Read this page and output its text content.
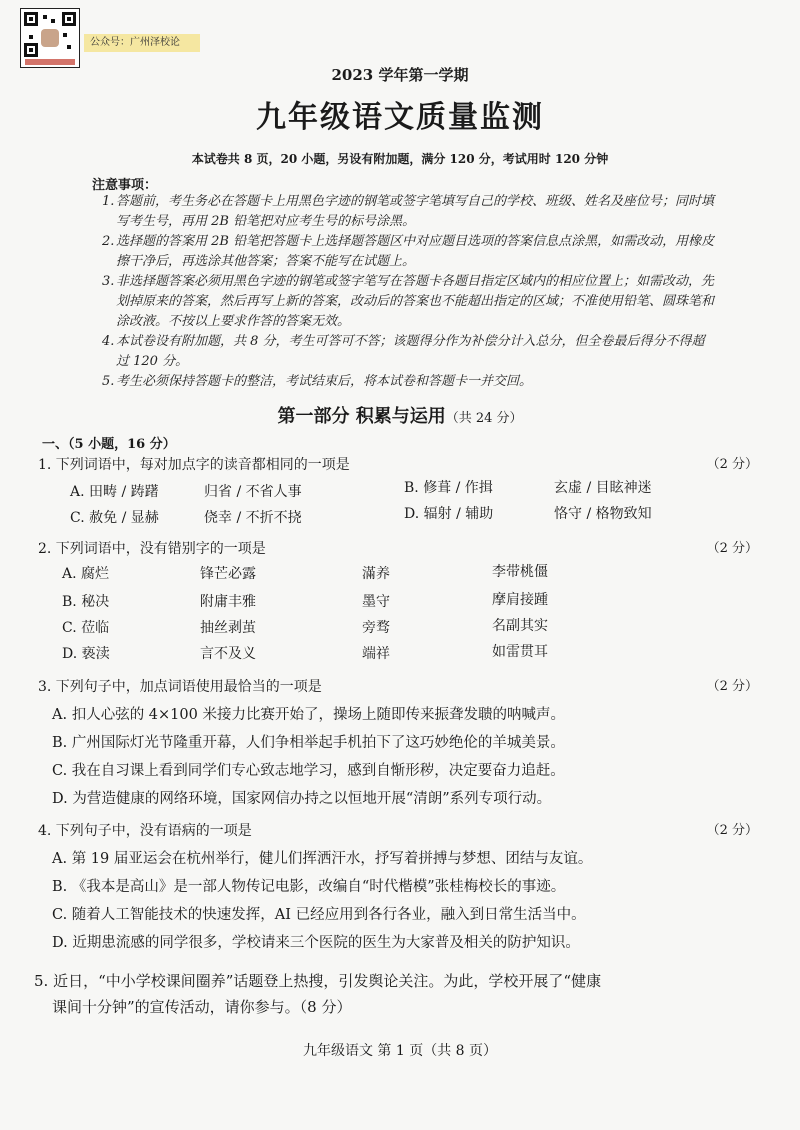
公众号：广州泽校论
2023 学年第一学期
九年级语文质量监测
本试卷共 8 页，20 小题，另设有附加题，满分 120 分，考试用时 120 分钟
注意事项：
1. 答题前，考生务必在答题卡上用黑色字迹的钢笔或签字笔填写自己的学校、班级、姓名及座位号；同时填写考生号，再用 2B 铅笔把对应考生号的标号涂黑。
2. 选择题的答案用 2B 铅笔把答题卡上选择题答题区中对应题目选项的答案信息点涂黑，如需改动，用橡皮擦干净后，再选涂其他答案；答案不能写在试题上。
3. 非选择题答案必须用黑色字迹的钢笔或签字笔写在答题卡各题目指定区域内的相应位置上；如需改动，先划掉原来的答案，然后再写上新的答案，改动后的答案也不能超出指定的区域；不准使用铅笔、圆珠笔和涂改液。不按以上要求作答的答案无效。
4. 本试卷设有附加题，共 8 分，考生可答可不答；该题得分作为补偿分计入总分，但全卷最后得分不得超过 120 分。
5. 考生必须保持答题卡的整洁，考试结束后，将本试卷和答题卡一并交回。
第一部分 积累与运用（共 24 分）
一、（5 小题，16 分）
1. 下列词语中，每对加点字的读音都相同的一项是	（2 分）
A. 田畴 / 踌躇	归省 / 不省人事	B. 修葺 / 作揖	玄虚 / 目眩神迷
C. 赦免 / 显赫	侥幸 / 不折不挠	D. 辐射 / 辅助	恪守 / 格物致知
2. 下列词语中，没有错别字的一项是	（2 分）
A. 腐烂	锋芒必露	滿养	李带桃僵
B. 秘决	附庸丰雅	墨守	摩肩接踵
C. 莅临	抽丝剥茧	旁骛	名副其实
D. 亵渎	言不及义	端祥	如雷贯耳
3. 下列句子中，加点词语使用最恰当的一项是	（2 分）
A. 扣人心弦的 4×100 米接力比赛开始了，操场上随即传来振聋发聩的呐喊声。
B. 广州国际灯光节隆重开幕，人们争相举起手机拍下了这巧妙绝伦的羊城美景。
C. 我在自习课上看到同学们专心致志地学习，感到自惭形秽，决定要奋力追赶。
D. 为营造健康的网络环境，国家网信办持之以恒地开展“清朗”系列专项行动。
4. 下列句子中，没有语病的一项是	（2 分）
A. 第 19 届亚运会在杭州举行，健儿们挥洒汗水，抒写着拼搏与梦想、团结与友谊。
B. 《我本是高山》是一部人物传记电影，改编自“时代楷模”张桂梅校长的事迹。
C. 随着人工智能技术的快速发挥，AI 已经应用到各行各业，融入到日常生活当中。
D. 近期患流感的同学很多，学校请来三个医院的医生为大家普及相关的防护知识。
5. 近日，“中小学校课间圈养”话题登上热搜，引发舆论关注。为此，学校开展了“健康
课间十分钟”的宣传活动，请你参与。（8 分）
九年级语文 第 1 页（共 8 页）
